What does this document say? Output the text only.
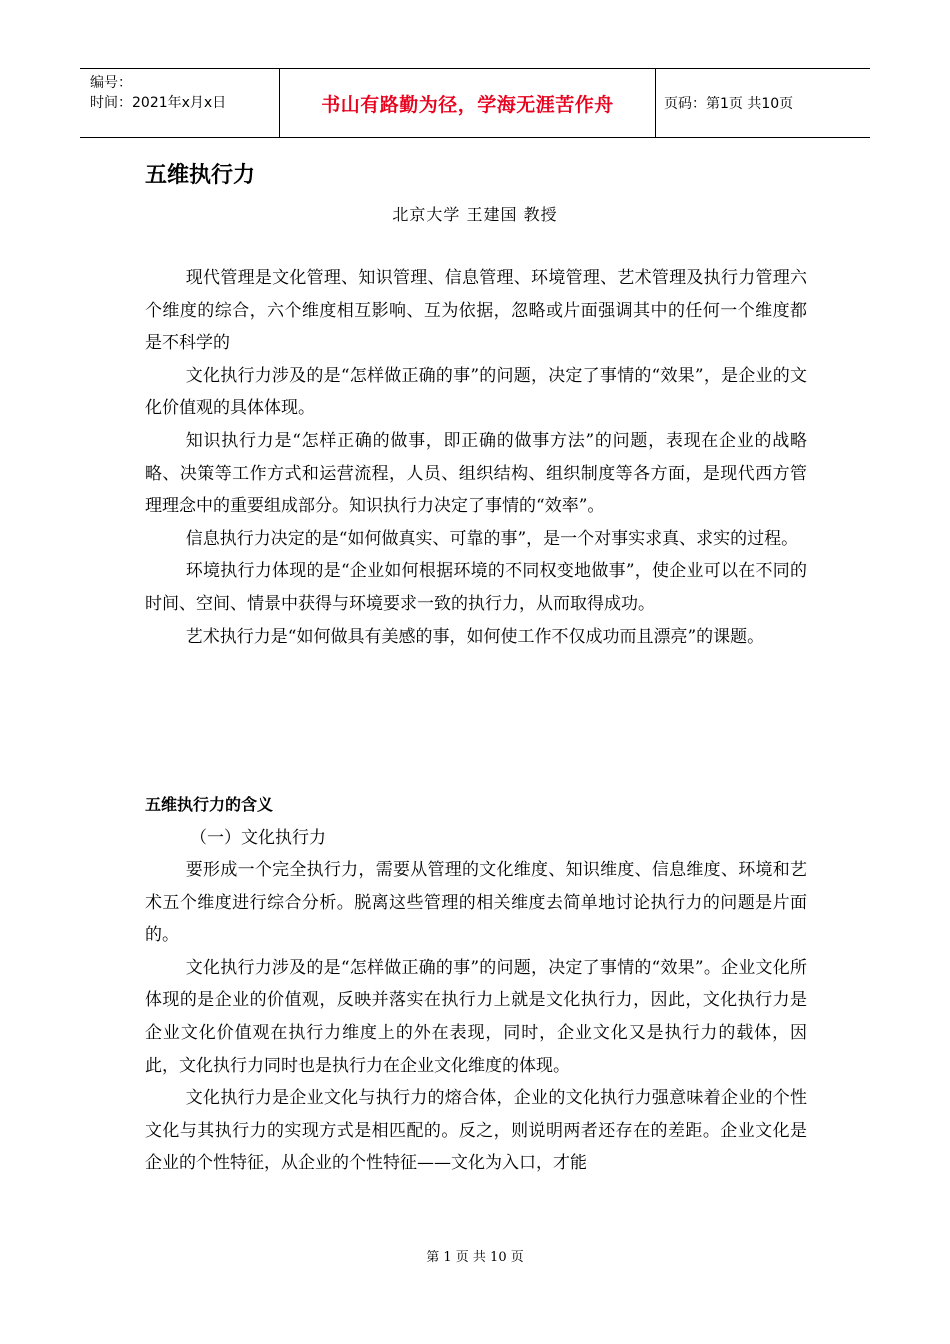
编号：
时间：2021年x月x日	书山有路勤为径，学海无涯苦作舟	页码：第1页 共10页
五维执行力
北京大学 王建国 教授

现代管理是文化管理、知识管理、信息管理、环境管理、艺术管理及执行力管理六个维度的综合，六个维度相互影响、互为依据，忽略或片面强调其中的任何一个维度都是不科学的

文化执行力涉及的是“怎样做正确的事”的问题，决定了事情的“效果”，是企业的文化价值观的具体体现。

知识执行力是“怎样正确的做事，即正确的做事方法”的问题，表现在企业的战略略、决策等工作方式和运营流程，人员、组织结构、组织制度等各方面，是现代西方管理理念中的重要组成部分。知识执行力决定了事情的“效率”。

信息执行力决定的是“如何做真实、可靠的事”，是一个对事实求真、求实的过程。

环境执行力体现的是“企业如何根据环境的不同权变地做事”，使企业可以在不同的时间、空间、情景中获得与环境要求一致的执行力，从而取得成功。

艺术执行力是“如何做具有美感的事，如何使工作不仅成功而且漂亮”的课题。

五维执行力的含义
（一）文化执行力

要形成一个完全执行力，需要从管理的文化维度、知识维度、信息维度、环境和艺术五个维度进行综合分析。脱离这些管理的相关维度去简单地讨论执行力的问题是片面的。

文化执行力涉及的是“怎样做正确的事”的问题，决定了事情的“效果”。企业文化所体现的是企业的价值观，反映并落实在执行力上就是文化执行力，因此，文化执行力是企业文化价值观在执行力维度上的外在表现，同时，企业文化又是执行力的载体，因此，文化执行力同时也是执行力在企业文化维度的体现。

文化执行力是企业文化与执行力的熔合体，企业的文化执行力强意味着企业的个性文化与其执行力的实现方式是相匹配的。反之，则说明两者还存在的差距。企业文化是企业的个性特征，从企业的个性特征——文化为入口，才能

第 1 页 共 10 页
